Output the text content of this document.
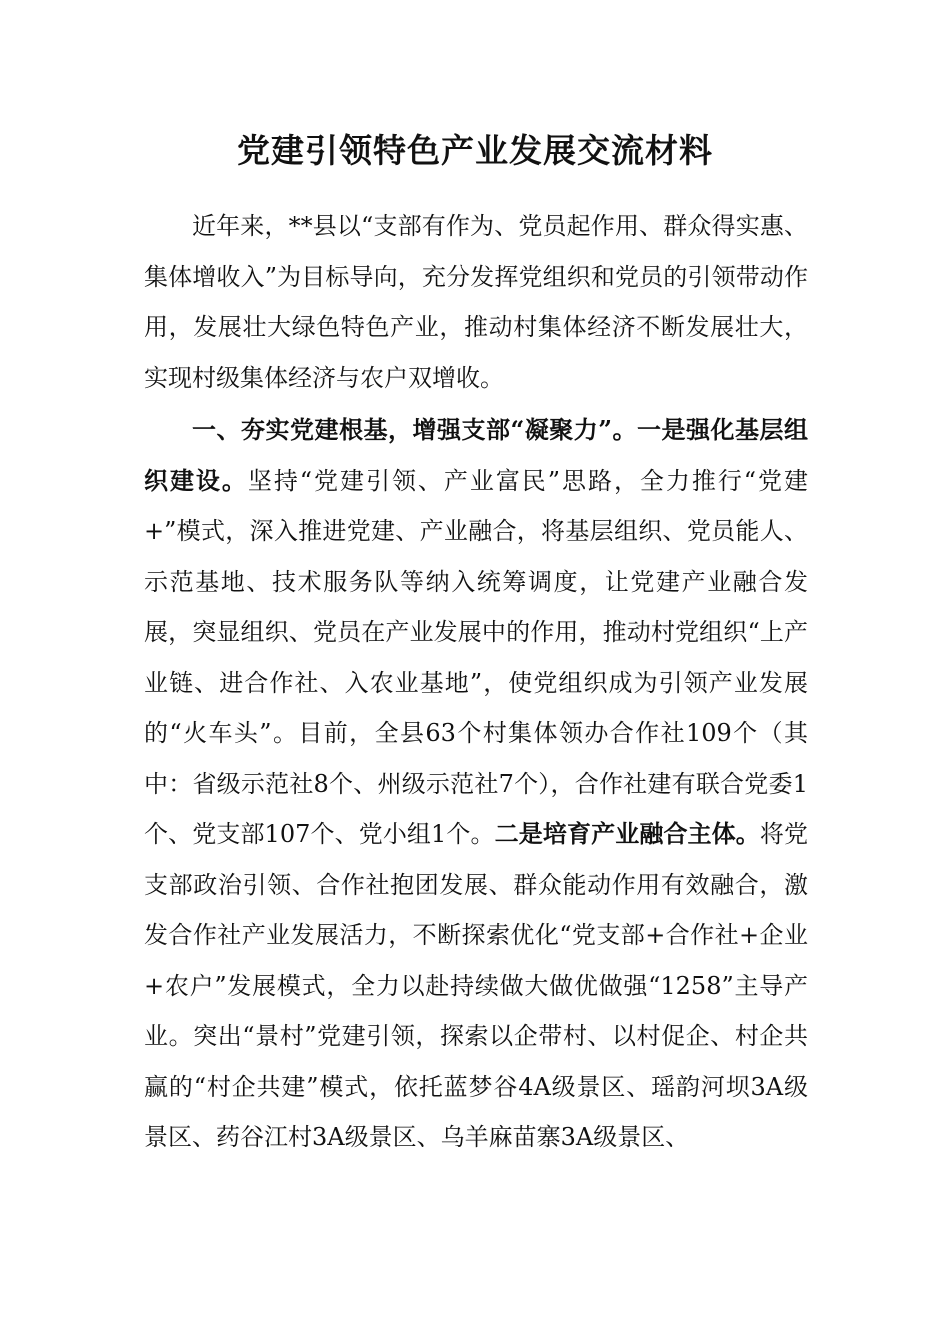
党建引领特色产业发展交流材料

近年来，**县以“支部有作为、党员起作用、群众得实惠、集体增收入”为目标导向，充分发挥党组织和党员的引领带动作用，发展壮大绿色特色产业，推动村集体经济不断发展壮大，实现村级集体经济与农户双增收。

一、夯实党建根基，增强支部“凝聚力”。一是强化基层组织建设。坚持“党建引领、产业富民”思路，全力推行“党建+”模式，深入推进党建、产业融合，将基层组织、党员能人、示范基地、技术服务队等纳入统筹调度，让党建产业融合发展，突显组织、党员在产业发展中的作用，推动村党组织“上产业链、进合作社、入农业基地”，使党组织成为引领产业发展的“火车头”。目前，全县63个村集体领办合作社109个（其中：省级示范社8个、州级示范社7个），合作社建有联合党委1个、党支部107个、党小组1个。二是培育产业融合主体。将党支部政治引领、合作社抱团发展、群众能动作用有效融合，激发合作社产业发展活力，不断探索优化“党支部+合作社+企业+农户”发展模式，全力以赴持续做大做优做强“1258”主导产业。突出“景村”党建引领，探索以企带村、以村促企、村企共赢的“村企共建”模式，依托蓝梦谷4A级景区、瑶韵河坝3A级景区、药谷江村3A级景区、乌羊麻苗寨3A级景区、
